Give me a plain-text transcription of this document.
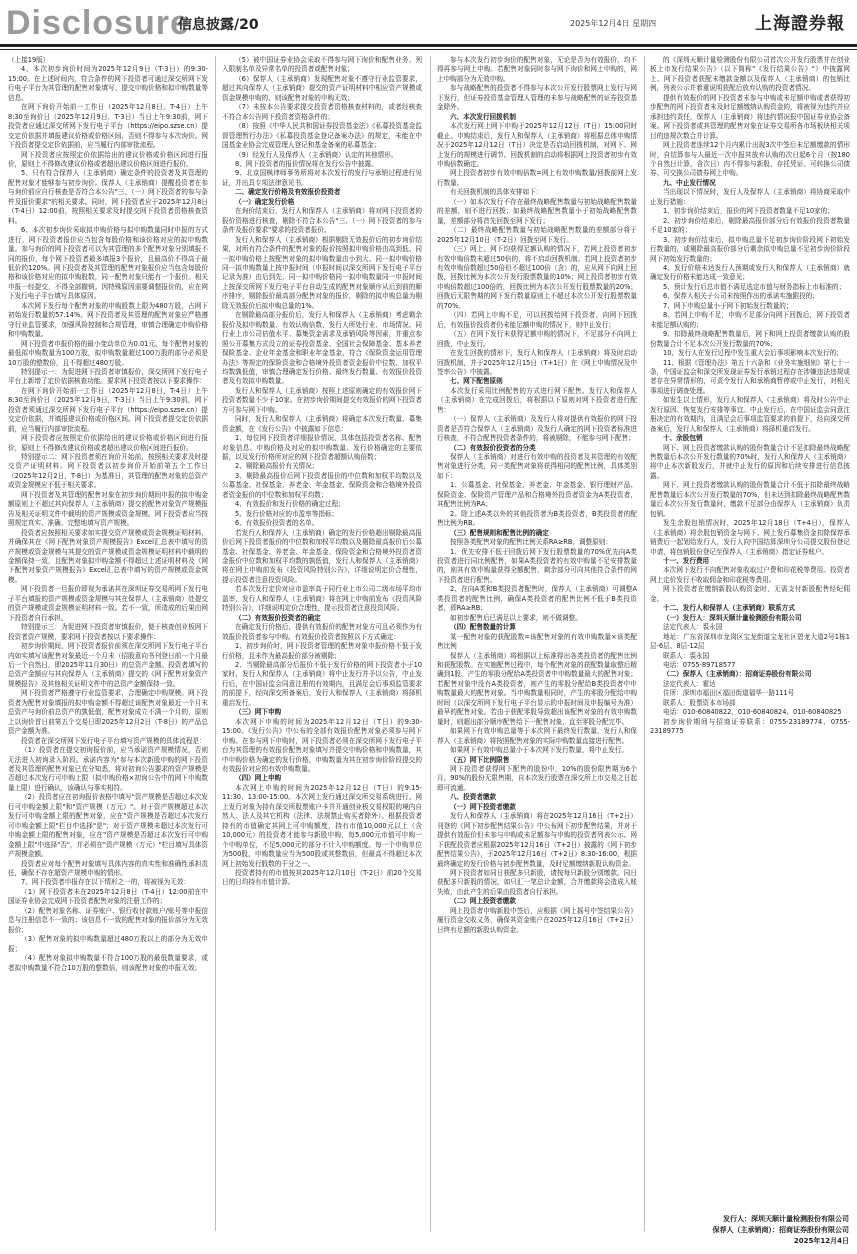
Disclosure
信息披露/20	2025年12月4日 星期四	上海證券報

（上接19版）

4、本次初步询价时间为2025年12月9日（T-3日）的9:30-15:00。在上述时间内，符合条件的网下投资者可通过深交所网下发行电子平台为其管理的配售对象填写、提交申购价格和拟申购数量等信息。

在网下询价开始前一工作日（2025年12月8日，T-4日）上午8:30至询价日（2025年12月9日，T-3日）当日上午9:30前，网下投资者应通过深交所网下发行电子平台（https://eipo.szse.cn）提交定价依据并填报建议价格或价格区间，否则不得参与本次询价。网下投资者提交定价依据前，应当履行内部审批流程。

网下投资者应按照定价依据给出的建议价格或价格区间进行报价，原则上不得修改建议价格或者超出建议价格区间进行报价。

5、只有符合保荐人（主承销商）确定条件的投资者及其管理的配售对象才能够参与初步询价。保荐人（主承销商）提醒投资者在参与询价前应自行核查是否符合本公告"三、（一）网下投资者的参与条件及报价要求"的相关要求。同时，网下投资者应于2025年12月8日（T-4日）12:00前，按照相关要求及时提交网下投资者资格核查资料。

6、本次初步询价采取拟申购价格与拟申购数量同时申报的方式进行，网下投资者报价应当包含每股价格和该价格对应的拟申购数量。参与询价的网下投资者可以为其管理的多个配售对象分别填报不同的报价，每个网下投资者最多填报3个报价，且最高价不得高于最低价的120%。网下投资者及其管理的配售对象报价应当包含每股价格和该价格对应的拟申购股数，同一配售对象只能有一个报价。相关申报一经提交，不得全部撤销。因特殊原因需要调整报价的，应在网下发行电子平台填写具体原因。

本次网下发行每个配售对象的申购股数上限为480万股，占网下初始发行数量的57.14%。网下投资者及其管理的配售对象应严格遵守行业监管要求，加强风险控制和合规管理，审慎合理确定申购价格和申购数量。

网下投资者申报价格的最小变动单位为0.01元。每个配售对象的最低拟申购数量为100万股，拟申购数量超过100万股的部分必须是10万股的整数倍，且不得超过480万股。

特别提示一：为促进网下投资者审慎报价，深交所网下发行电子平台上新增了定价依据核查功能。要求网下投资者按以下要求操作：

在网下询价开始前一工作日（2025年12月8日，T-4日）上午8:30至询价日（2025年12月9日，T-3日）当日上午9:30前，网下投资者须通过深交所网下发行电子平台（https://eipo.szse.cn）提交定价依据，并填报建议价格或价格区间。网下投资者提交定价依据前，应当履行内部审批流程。

网下投资者应按照定价依据给出的建议价格或价格区间进行报价，原则上不得修改建议价格或者超出建议价格区间进行报价。

特别提示二：网下投资者须在询价开始前，按照相关要求及时提交资产证明材料。网下投资者以初步询价开始前第五个工作日（2025年12月2日，T-8日）为基准日，其管理的配售对象的总资产或资金规模应不低于相关要求。

网下投资者及其管理的配售对象在初步询价期间申报的拟申购金额原则上不超过其向保荐人（主承销商）提交的配售对象资产规模报告及相关证明文件中载明的资产规模或资金规模。网下投资者应当按照规定真实、准确、完整地填写资产规模。

投资者应按照相关要求如实提交资产规模或资金规模证明材料，并确保其在《网下配售对象资产规模报告》Excel汇总表中填写的资产规模或资金规模与其提交的资产规模或资金规模证明材料中载明的金额保持一致，且配售对象拟申购金额不得超过上述证明材料及《网下配售对象资产规模报告》Excel汇总表中填写的资产规模或资金规模。

网下投资者一旦报价即视为承诺其在深圳证券交易所网下发行电子平台填报的资产规模或资金规模与其在保荐人（主承销商）处提交的资产规模或资金规模证明材料一致。若不一致，所造成的后果由网下投资者自行承担。

特别提示三：为促进网下投资者审慎报价，便于核查创业板网下投资者资产规模，要求网下投资者按以下要求操作：

初步询价期间，网下投资者报价前须在深交所网下发行电子平台内如实填写该配售对象最近一个月末（招股意向书刊登日前一个月最后一个自然日，即2025年11月30日）的总资产金额。投资者填写的总资产金额应与其向保荐人（主承销商）提交的《网下配售对象资产规模报告》及其他相关证明文件中的总资产金额保持一致。

网下投资者严格遵守行业监管要求，合理确定申购规模。网下投资者为配售对象填报的拟申购金额不得超过该配售对象最近一个月末总资产与询价前总资产的孰低值，配售对象成立不满一个月的，原则上以询价首日前第五个交易日即2025年12月2日（T-8日）的产品总资产金额为准。

投资者在深交所网下发行电子平台填写资产规模的具体流程是：

（1）投资者在提交初询报价前，应当承诺资产规模情况，否则无法进入初询录入阶段。承诺内容为"参与本次新股申购的网下投资者及其管理的配售对象已充分知悉，将对初询公告要求的资产规模是否超过本次发行可申购上限（拟申购价格×初询公告中的网下申购数量上限）进行确认，该确认与事实相符。

（2）投资者应在初询报价表格中填写"资产规模是否超过本次发行可申购金额上限"和"资产规模（万元）"。对于资产规模超过本次发行可申购金额上限的配售对象，应在"资产规模是否超过本次发行可申购金额上限"栏目中选择"是"；对于资产规模未超过本次发行可申购金额上限的配售对象，应在"资产规模是否超过本次发行可申购金额上限"中选择"否"，并必须在"资产规模（万元）"栏目填写具体资产规模金额。

投资者应对每个配售对象填写具体内容的真实性和准确性承担责任，确保不存在超资产规模申购的情形。

7、网下投资者申报存在以下情形之一的，将被视为无效：

（1）网下投资者未在2025年12月8日（T-4日）12:00前在中国证券业协会完成网下投资者配售对象的注册工作的；

（2）配售对象名称、证券账户、银行收付款账户/账号等申报信息与注册信息不一致的；该信息不一致的配售对象的报价部分为无效报价；

（3）配售对象的拟申购数量超过480万股以上的部分为无效申报；

（4）配售对象拟申购数量不符合100万股的最低数量要求，或者拟申购数量不符合10万股的整数倍，则该配售对象的申报无效；

（5）被中国证券业协会采取不得参与网下询价和配售业务、列入限制名单及异常名单的投资者或配售对象；

（6）保荐人（主承销商）发现配售对象不遵守行业监管要求，超过其向保荐人（主承销商）提交的资产证明材料中相应资产规模或资金规模申购的，则该配售对象的申购无效；

（7）未按本公告要求提交投资者资格核查材料的，或者经核查不符合本公告网下投资者资格条件的；

（8）按照《中华人民共和国证券投资基金法》《私募投资基金监督管理暂行办法》《私募投资基金登记备案办法》的规定，未能在中国基金业协会完成管理人登记和基金备案的私募基金；

（9）经发行人及保荐人（主承销商）认定的其他情形。

8、网下投资者的报价情况将在发行公告中披露。

9、北京国枫律师事务所将对本次发行的发行与承销过程进行见证，并出具专项法律意见书。

二、确定发行价格及有效报价投资者

（一）确定发行价格

在询价结束后，发行人和保荐人（主承销商）将对网下投资者的报价资格进行核查，剔除不符合本公告"三、（一）网下投资者的参与条件及报价要求"要求的投资者报价。

发行人和保荐人（主承销商）根据剔除无效报价后的初步询价结果，对所有符合条件的配售对象的报价按照拟申购价格由高到低、同一拟申购价格上按配售对象的拟申购数量由小到大、同一拟申购价格同一拟申购数量上按申报时间（申报时间以深交所网下发行电子平台记录为准）由后到先、同一拟申购价格同一拟申购数量同一申报时间上按深交所网下发行电子平台自动生成的配售对象顺序从后到前的顺序排序，剔除报价最高部分配售对象的报价，剔除的拟申购总量为剔除无效报价后拟申购总量的1%。

在剔除最高部分报价后，发行人和保荐人（主承销商）考虑剩余报价及拟申购数量、有效认购倍数、发行人所处行业、市场情况、同行业上市公司估值水平、募集资金需求及承销风险等因素，并重点参照公开募集方式设立的证券投资基金、全国社会保障基金、基本养老保险基金、企业年金基金和职业年金基金、符合《保险资金运用管理办法》等规定的保险资金和合格境外投资者资金报价中位数、加权平均数孰低值，审慎合理确定发行价格、最终发行数量、有效报价投资者及有效拟申购数量。

发行人和保荐人（主承销商）按照上述原则确定的有效报价网下投资者数量不少于10家。在初步询价期间提交有效报价的网下投资者方可参与网下申购。

同时，发行人和保荐人（主承销商）将确定本次发行数量、募集资金额，在《发行公告》中披露如下信息：

1、每位网下投资者详细报价情况，具体包括投资者名称、配售对象信息、申购价格及对应的拟申购数量、发行价格确定的主要依据，以及发行价格所对应的网下投资者超额认购倍数；

2、剔除最高报价有关情况；

3、剔除最高报价后网下投资者报价的中位数和加权平均数以及公募基金、社保基金、养老金、年金基金、保险资金和合格境外投资者资金报价的中位数和加权平均数；

4、有效报价和发行价格的确定过程；

5、发行价格对应的市盈率等指标；

6、有效报价投资者的名单。

若发行人和保荐人（主承销商）确定的发行价格超出剔除最高报价后网下投资者报价的中位数和加权平均数以及剔除最高报价后公募基金、社保基金、养老金、年金基金、保险资金和合格境外投资者资金报价中位数和加权平均数的孰低值，发行人和保荐人（主承销商）将在网上申购前发布《投资风险特别公告》，详细说明定价合理性，提示投资者注意投资风险。

若本次发行定价对应市盈率高于同行业上市公司二级市场平均市盈率，发行人和保荐人（主承销商）将在网上申购前发布《投资风险特别公告》，详细说明定价合理性，提示投资者注意投资风险。

（二）有效报价投资者的确定

在确定发行价格后，提供有效报价的配售对象方可且必须作为有效报价投资者参与申购。有效报价投资者按照以下方式确定：

1、初步询价时，网下投资者管理的配售对象申报价格不低于发行价格，且未作为最高报价部分被剔除；

2、当剔除最高部分后报价不低于发行价格的网下投资者小于10家时，发行人和保荐人（主承销商）将中止发行并予以公告，中止发行后，在中国证监会同意注册的有效期内，且满足会后事项监管要求的前提下，经向深交所备案后，发行人和保荐人（主承销商）将择机重启发行。

（三）网下申购

本次网下申购的时间为2025年12月12日（T日）的9:30-15:00。《发行公告》中公布的全部有效报价配售对象必须参与网下申购。在参与网下申购时，网下投资者必须在深交所网下发行电子平台为其管理的有效报价配售对象填写并提交申购价格和申购数量，其中申购价格为确定的发行价格，申购数量为其在初步询价阶段提交的有效报价对应的有效申购数量。

（四）网上申购

本次网上申购的时间为2025年12月12日（T日）的9:15-11:30、13:00-15:00。本次网上发行通过深交所交易系统进行。网上发行对象为持有深交所股票账户卡并开通创业板交易权限的境内自然人、法人及其它机构（法律、法规禁止购买者除外）。根据投资者持有的市值确定其网上可申购额度，持有市值10,000元以上（含10,000元）的投资者才能参与新股申购，每5,000元市值可申购一个申购单位，不足5,000元的部分不计入申购额度。每一个申购单位为500股，申购数量应当为500股或其整数倍，但最高不得超过本次网上初始发行股数的千分之一。

投资者持有的市值按其2025年12月10日（T-2日）前20个交易日的日均持有市值计算。

参与本次发行初步询价的配售对象，无论是否为有效报价，均不得再参与网上申购。若配售对象同时参与网下询价和网上申购的，网上申购部分为无效申购。

参与战略配售的投资者不得参与本次公开发行股票网上发行与网下发行，但证券投资基金管理人管理的未参与战略配售的证券投资基金除外。

六、本次发行回拨机制

本次发行网上网下申购于2025年12月12日（T日）15:00同时截止。申购结束后，发行人和保荐人（主承销商）将根据总体申购情况于2025年12月12日（T日）决定是否启动回拨机制，对网下、网上发行的规模进行调节。回拨机制的启动将根据网上投资者初步有效申购倍数确定。

网上投资者初步有效申购倍数=网上有效申购数量/回拨前网上发行数量。

有关回拨机制的具体安排如下：

（一）如本次发行不存在最终战略配售数量与初始战略配售数量的差额，则不进行回拨；如最终战略配售数量小于初始战略配售数量，差额部分将首先回拨至网下发行；

（二）最终战略配售数量与初始战略配售数量的差额部分将于2025年12月10日（T-2日）回拨至网下发行。

（三）网上、网下均获得足额认购的情况下，若网上投资者初步有效申购倍数未超过50倍的，将不启动回拨机制；若网上投资者初步有效申购倍数超过50倍但不超过100倍（含）的，应从网下向网上回拨，回拨比例为本次公开发行股票数量的10%；网上投资者初步有效申购倍数超过100倍的，回拨比例为本次公开发行股票数量的20%；回拨后无限售期的网下发行数量原则上不超过本次公开发行股票数量的70%。

（四）若网上申购不足，可以回拨给网下投资者，向网下回拨后，有效报价投资者仍未能足额申购的情况下，则中止发行；

（五）在网下发行未获得足额申购的情况下，不足部分不向网上回拨，中止发行。

在发生回拨的情形下，发行人和保荐人（主承销商）将及时启动回拨机制，并于2025年12月15日（T+1日）在《网上申购情况及中签率公告》中披露。

七、网下配售原则

本次发行采用比例配售的方式进行网下配售。发行人和保荐人（主承销商）在完成回拨后，将根据以下原则对网下投资者进行配售：

（一）保荐人（主承销商）及发行人将对提供有效报价的网下投资者是否符合保荐人（主承销商）及发行人确定的网下投资者标准进行核查，不符合配售投资者条件的，将被剔除，不能参与网下配售；

（二）有效报价投资者的分类

保荐人（主承销商）对进行有效申购的投资者及其管理的有效配售对象进行分类，同一类配售对象将获得相同的配售比例，具体类别如下：

1、公募基金、社保基金、养老金、年金基金、银行理财产品、保险资金、保险资产管理产品和合格境外投资者资金为A类投资者，其配售比例为RA；

2、除上述A类以外的其他投资者为B类投资者，B类投资者的配售比例为RB。

（三）配售规则和配售比例的确定

按照各类配售对象的配售比例关系RA≥RB。调整原则：

1、优先安排不低于回拨后网下发行股票数量的70%优先向A类投资者进行同比例配售，如果A类投资者的有效申购量不足安排数量的，则其有效申购量获得全额配售，剩余部分可向其他符合条件的网下投资者进行配售。

2、在向A类和B类投资者配售时，保荐人（主承销商）可调整A类投资者的配售比例，确保A类投资者的配售比例不低于B类投资者，即RA≥RB；

如初步配售后已满足以上要求，则不做调整。

（四）配售数量的计算

某一配售对象的获配股数=该配售对象的有效申购数量×该类配售比例

保荐人（主承销商）将根据以上标准得出各类投资者的配售比例和获配股数。在实施配售过程中，每个配售对象的获配数量取整后精确到1股，产生的零股分配给A类投资者中申购数量最大的配售对象；若配售对象中没有A类投资者，则产生的零股分配给B类投资者中申购数量最大的配售对象。当申购数量相同时，产生的零股分配给申购时间（以深交所网下发行电子平台显示的申报时间及申报编号为准）最早的配售对象。若由于获配零股导致超出该配售对象的有效申购数量时，则超出部分顺序配售给下一配售对象，直至零股分配完毕。

如果网下有效申购总量等于本次网下最终发行数量，发行人和保荐人（主承销商）将按照配售对象的实际申购数量直接进行配售。

如果网下有效申购总量小于本次网下发行数量，将中止发行。

（五）网下比例限售

网下投资者获得网下配售的股份中，10%的股份限售期为6个月，90%的股份无限售期，自本次发行股票在深交所上市交易之日起即可流通。

八、投资者缴款

（一）网下投资者缴款

发行人和保荐人（主承销商）将在2025年12月16日（T+2日）刊登的《网下初步配售结果公告》中公布网下初步配售结果，并对于提供有效报价但未参与申购或未足额参与申购的投资者列表公示。网下获配投资者应根据2025年12月16日（T+2日）披露的《网下初步配售结果公告》，于2025年12月16日（T+2日）8:30-16:00，根据最终确定的发行价格与初步配售数量，及时足额缴纳新股认购资金。

网下投资者如同日获配多只新股，请按每只新股分别缴款。同日获配多只新股的情况，如只汇一笔总计金额，合并缴款将会造成入账失败，由此产生的后果由投资者自行承担。

（二）网上投资者缴款

网上投资者申购新股中签后，应根据《网上摇号中签结果公告》履行资金交收义务，确保其资金账户在2025年12月16日（T+2日）日终有足额的新股认购资金。

的《深圳天顺计量检测股份有限公司首次公开发行股票并在创业板上市发行结果公告》（以下简称"《发行结果公告》"）中披露网上、网下投资者获配未缴款金额以及保荐人（主承销商）的包销比例，列表公示并着重说明获配后放弃认购的投资者情况。

提供有效报价的网下投资者未参与申购或未足额申购或者获得初步配售的网下投资者未及时足额缴纳认购资金的，将被视为违约并应承担违约责任，保荐人（主承销商）将违约情况报中国证券业协会备案。网下投资者或其管理的配售对象在证券交易所各市场板块相关项目的违规次数合并计算。

网上投资者连续12个月内累计出现3次中签后未足额缴款的情形时，自结算参与人最近一次申报其放弃认购的次日起6个月（按180个自然日计算，含次日）内不得参与新股、存托凭证、可转换公司债券、可交换公司债券网上申购。

九、中止发行情况

当出现以下情况时，发行人及保荐人（主承销商）将协商采取中止发行措施：

1、初步询价结束后，报价的网下投资者数量不足10家的；

2、初步询价结束后，剔除最高报价部分后有效报价投资者数量不足10家的；

3、初步询价结束后，拟申购总量不足初步询价阶段网下初始发行数量的，或剔除最高报价部分后剩余拟申购总量不足初步询价阶段网下初始发行数量的；

4、发行价格未达发行人预期或发行人和保荐人（主承销商）就确定发行价格未能达成一致意见；

5、预计发行后总市值不满足选定市值与财务指标上市标准的；

6、保荐人相关子公司未按照作出的承诺实施跟投的；

7、网下申购总量小于网下初始发行数量的；

8、若网上申购不足，申购不足部分向网下回拨后，网下投资者未能足额认购的；

9、扣除最终战略配售数量后，网下和网上投资者缴款认购的股份数量合计不足本次公开发行数量的70%；

10、发行人在发行过程中发生重大会后事项影响本次发行的；

11、根据《管理办法》第五十六条和《业务实施细则》第七十一条，中国证监会和深交所发现证券发行承销过程存在涉嫌违法违规或者存在异常情形的，可责令发行人和承销商暂停或中止发行，对相关事项进行调查处理。

如发生以上情形，发行人和保荐人（主承销商）将及时公告中止发行原因、恢复发行安排等事宜。中止发行后，在中国证监会同意注册决定的有效期内，且满足会后事项监管要求的前提下，经向深交所备案后，发行人和保荐人（主承销商）将择机重启发行。

十、余股包销

网下、网上投资者缴款认购的股份数量合计不足扣除最终战略配售数量后本次公开发行数量的70%时，发行人和保荐人（主承销商）将中止本次新股发行，并就中止发行的原因和后续安排进行信息披露。

网下、网上投资者缴款认购的股份数量合计不低于扣除最终战略配售数量后本次公开发行数量的70%，但未达到扣除最终战略配售数量后本次公开发行数量时，缴款不足部分由保荐人（主承销商）负责包销。

发生余股包销情况时，2025年12月18日（T+4日），保荐人（主承销商）将余股包销资金与网下、网上发行募集资金扣除保荐承销费后一起划给发行人，发行人向中国结算深圳分公司提交股份登记申请，将包销股份登记至保荐人（主承销商）指定证券账户。

十一、发行费用

本次网下发行不向配售对象收取过户费和印花税等费用。投资者网上定价发行不收取佣金和印花税等费用。

网下投资者在缴纳新股认购资金时，无需支付新股配售经纪佣金。

十二、发行人和保荐人（主承销商）联系方式

（一）发行人：深圳天顺计量检测股份有限公司

法定代表人：裘永国

地址：广东省深圳市龙岗区宝龙街道宝龙社区碧龙大道2号1栋1层-6层、8层-12层

联系人：裘永国

电话：0755-89718577

（二）保荐人（主承销商）：招商证券股份有限公司

法定代表人：霍达

住所：深圳市福田区福田街道福华一路111号

联系人：股票资本市场部

电话：010-60840822、010-60840824、010-60840825

初步询价期间与招商证券联系：0755-23189774、0755-23189775

发行人：深圳天顺计量检测股份有限公司
保荐人（主承销商）：招商证券股份有限公司
2025年12月4日
